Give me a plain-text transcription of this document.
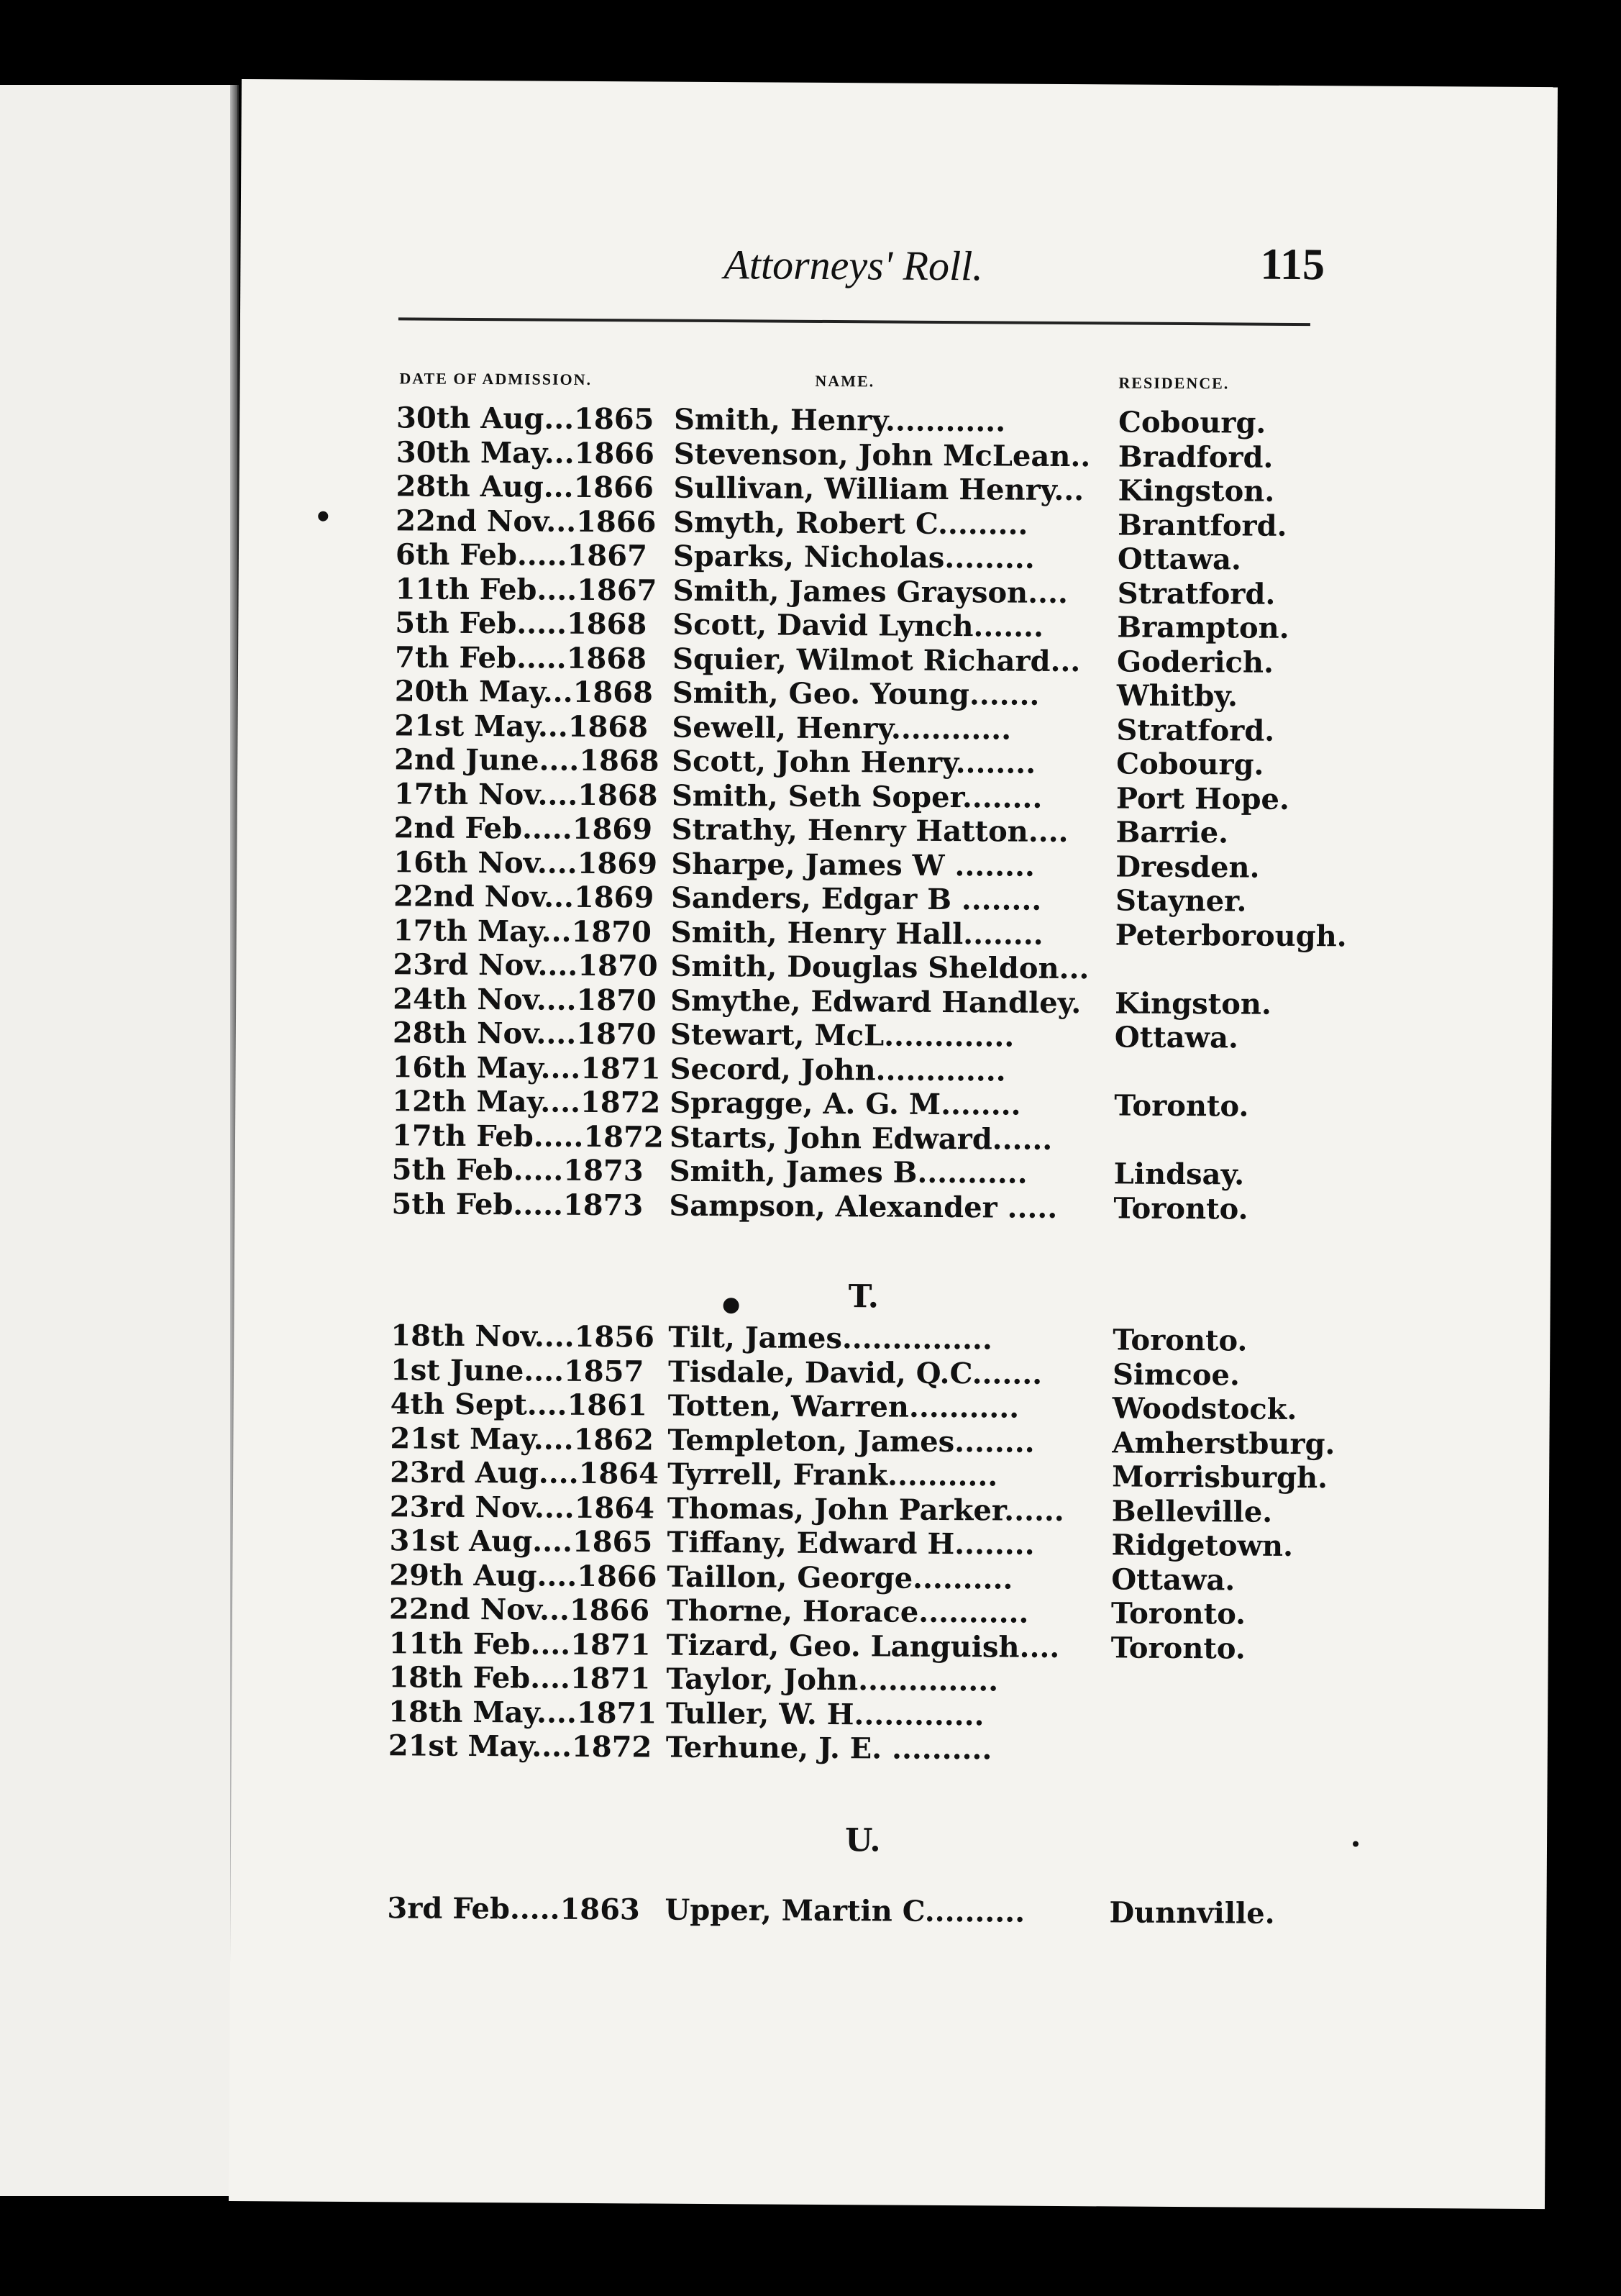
Attorneys' Roll.	115
DATE OF ADMISSION.	NAME.	RESIDENCE.
30th Aug...1865 Smith, Henry............	Cobourg.
30th May...1866 Stevenson, John McLean.. Bradford.
28th Aug...1866 Sullivan, William Henry... Kingston.
22nd Nov...1866 Smyth, Robert C.........	Brantford.
6th Feb.....1867 Sparks, Nicholas.........	Ottawa.
11th Feb....1867 Smith, James Grayson.... Stratford.
5th Feb.....1868 Scott, David Lynch.......	Brampton.
7th Feb.....1868 Squier, Wilmot Richard... Goderich.
20th May...1868 Smith, Geo. Young.......	Whitby.
21st May...1868 Sewell, Henry............	Stratford.
2nd June....1868 Scott, John Henry........	Cobourg.
17th Nov....1868 Smith, Seth Soper........	Port Hope.
2nd Feb.....1869 Strathy, Henry Hatton.... Barrie.
16th Nov....1869 Sharpe, James W ........	Dresden.
22nd Nov...1869 Sanders, Edgar B ........	Stayner.
17th May...1870 Smith, Henry Hall........ Peterborough.
23rd Nov....1870 Smith, Douglas Sheldon...
24th Nov....1870 Smythe, Edward Handley. Kingston.
28th Nov....1870 Stewart, McL.............	Ottawa.
16th May....1871 Secord, John.............
12th May....1872 Spragge, A. G. M........	Toronto.
17th Feb.....1872 Starts, John Edward......
5th Feb.....1873 Smith, James B...........	Lindsay.
5th Feb.....1873 Sampson, Alexander ..... Toronto.
T.
18th Nov....1856 Tilt, James...............	Toronto.
1st June....1857 Tisdale, David, Q.C....... Simcoe.
4th Sept....1861 Totten, Warren...........	Woodstock.
21st May....1862 Templeton, James........	Amherstburg.
23rd Aug....1864 Tyrrell, Frank...........	Morrisburgh.
23rd Nov....1864 Thomas, John Parker...... Belleville.
31st Aug....1865 Tiffany, Edward H........	Ridgetown.
29th Aug....1866 Taillon, George..........	Ottawa.
22nd Nov...1866 Thorne, Horace...........	Toronto.
11th Feb....1871 Tizard, Geo. Languish.... Toronto.
18th Feb....1871 Taylor, John..............
18th May....1871 Tuller, W. H.............
21st May....1872 Terhune, J. E. ..........
U.
3rd Feb.....1863 Upper, Martin C..........	Dunnville.
